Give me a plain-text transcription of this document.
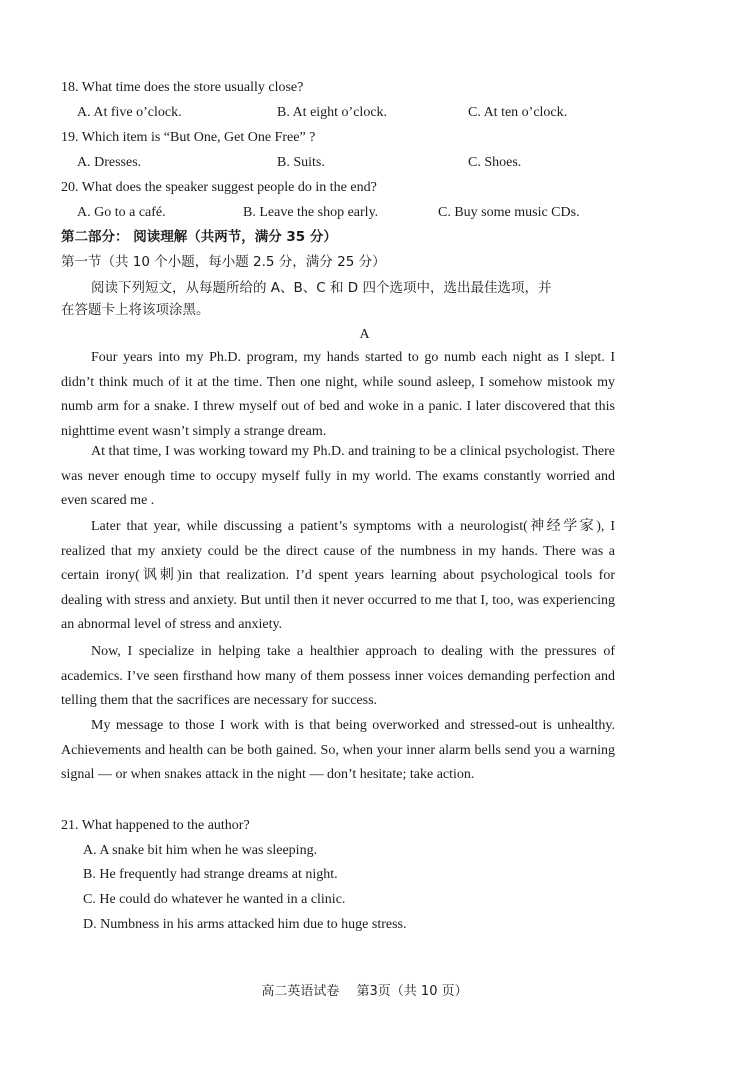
18. What time does the store usually close?
A. At five o’clock.	B. At eight o’clock.	C. At ten o’clock.
19. Which item is “But One, Get One Free” ?
A. Dresses.	B. Suits.	C. Shoes.
20. What does the speaker suggest people do in the end?
A. Go to a café.	B. Leave the shop early.	C. Buy some music CDs.
第二部分： 阅读理解（共两节，满分 35 分）
第一节（共 10 个小题，每小题 2.5 分，满分 25 分）
阅读下列短文，从每题所给的 A、B、C 和 D 四个选项中，选出最佳选项，并
在答题卡上将该项涂黑。
A

Four years into my Ph.D. program, my hands started to go numb each night as I slept. I didn’t think much of it at the time. Then one night, while sound asleep, I somehow mistook my numb arm for a snake. I threw myself out of bed and woke in a panic. I later discovered that this nighttime event wasn’t simply a strange dream.

At that time, I was working toward my Ph.D. and training to be a clinical psychologist. There was never enough time to occupy myself fully in my world. The exams constantly worried and even scared me .

Later that year, while discussing a patient’s symptoms with a neurologist(神经学家), I realized that my anxiety could be the direct cause of the numbness in my hands. There was a certain irony(讽刺)in that realization. I’d spent years learning about psychological tools for dealing with stress and anxiety. But until then it never occurred to me that I, too, was experiencing an abnormal level of stress and anxiety.

Now, I specialize in helping take a healthier approach to dealing with the pressures of academics. I’ve seen firsthand how many of them possess inner voices demanding perfection and telling them that the sacrifices are necessary for success.

My message to those I work with is that being overworked and stressed-out is unhealthy. Achievements and health can be both gained. So, when your inner alarm bells send you a warning signal — or when snakes attack in the night — don’t hesitate; take action.

21. What happened to the author?
A. A snake bit him when he was sleeping.
B. He frequently had strange dreams at night.
C. He could do whatever he wanted in a clinic.
D. Numbness in his arms attacked him due to huge stress.
高二英语试卷　 第3页（共 10 页）
